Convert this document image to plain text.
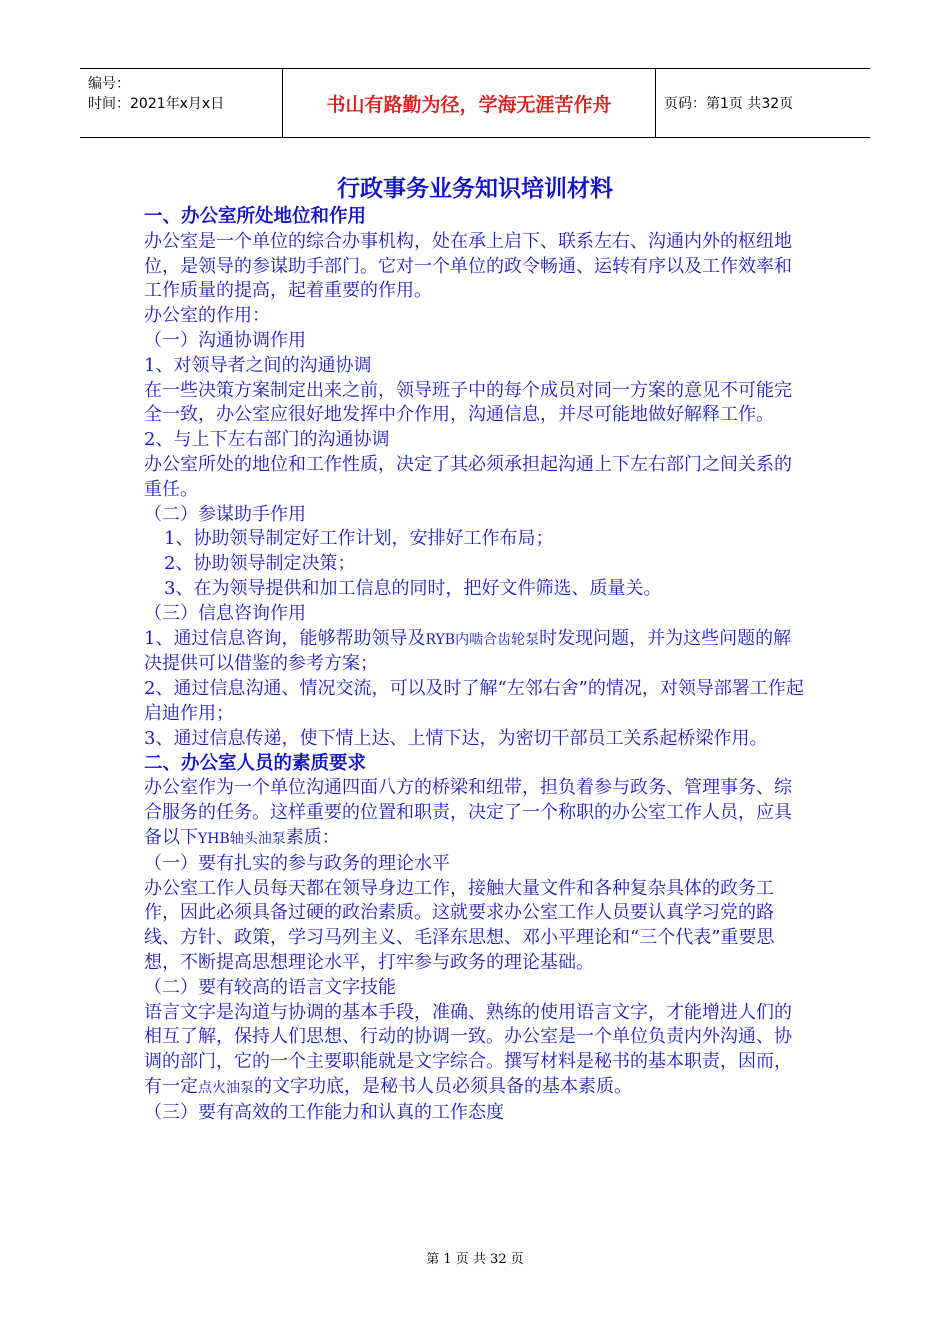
编号：
时间：2021年x月x日	书山有路勤为径，学海无涯苦作舟	页码：第1页 共32页
行政事务业务知识培训材料

一、办公室所处地位和作用

办公室是一个单位的综合办事机构，处在承上启下、联系左右、沟通内外的枢纽地位，是领导的参谋助手部门。它对一个单位的政令畅通、运转有序以及工作效率和工作质量的提高，起着重要的作用。

办公室的作用：

（一）沟通协调作用

1、对领导者之间的沟通协调

在一些决策方案制定出来之前，领导班子中的每个成员对同一方案的意见不可能完全一致，办公室应很好地发挥中介作用，沟通信息，并尽可能地做好解释工作。

2、与上下左右部门的沟通协调

办公室所处的地位和工作性质，决定了其必须承担起沟通上下左右部门之间关系的重任。

（二）参谋助手作用

1、协助领导制定好工作计划，安排好工作布局；

2、协助领导制定决策；

3、在为领导提供和加工信息的同时，把好文件筛选、质量关。

（三）信息咨询作用

1、通过信息咨询，能够帮助领导及RYB内啮合齿轮泵时发现问题，并为这些问题的解决提供可以借鉴的参考方案；

2、通过信息沟通、情况交流，可以及时了解“左邻右舍”的情况，对领导部署工作起启迪作用；

3、通过信息传递，使下情上达、上情下达，为密切干部员工关系起桥梁作用。

二、办公室人员的素质要求

办公室作为一个单位沟通四面八方的桥梁和纽带，担负着参与政务、管理事务、综合服务的任务。这样重要的位置和职责，决定了一个称职的办公室工作人员，应具备以下YHB轴头油泵素质：

（一）要有扎实的参与政务的理论水平

办公室工作人员每天都在领导身边工作，接触大量文件和各种复杂具体的政务工作，因此必须具备过硬的政治素质。这就要求办公室工作人员要认真学习党的路线、方针、政策，学习马列主义、毛泽东思想、邓小平理论和“三个代表”重要思想，不断提高思想理论水平，打牢参与政务的理论基础。

（二）要有较高的语言文字技能

语言文字是沟道与协调的基本手段，准确、熟练的使用语言文字，才能增进人们的相互了解，保持人们思想、行动的协调一致。办公室是一个单位负责内外沟通、协调的部门，它的一个主要职能就是文字综合。撰写材料是秘书的基本职责，因而，有一定点火油泵的文字功底，是秘书人员必须具备的基本素质。

（三）要有高效的工作能力和认真的工作态度

第 1 页 共 32 页
